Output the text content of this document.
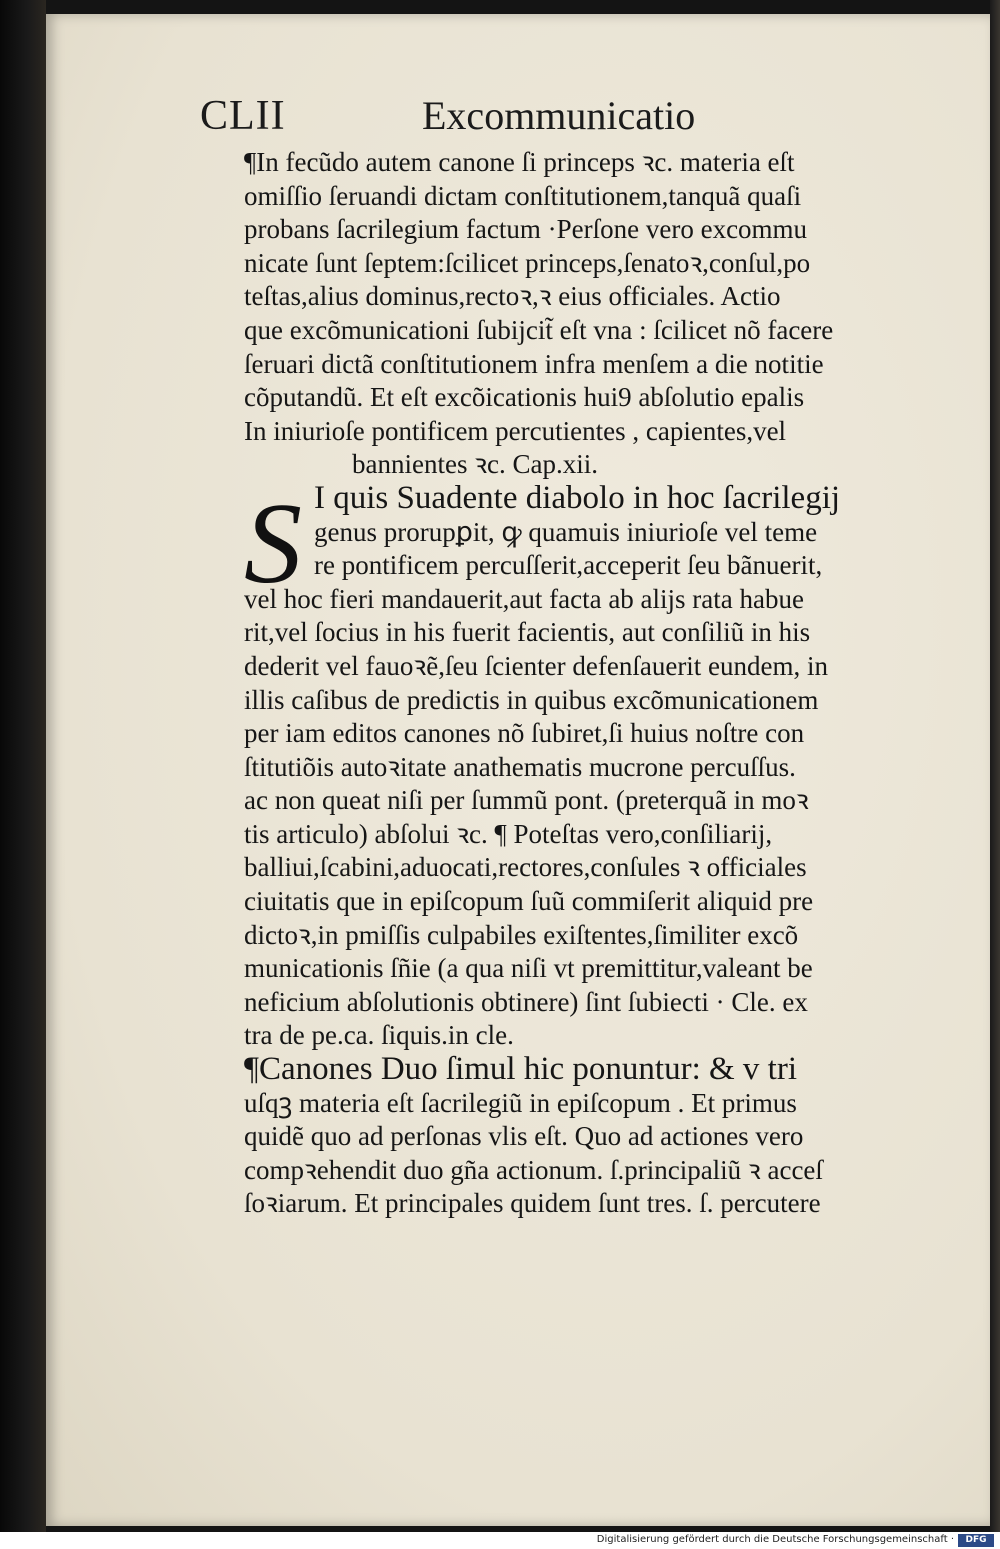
CLII	Excommunicatio
S
¶In fecũdo autem canone ſi princeps ꝛc. materia eſt
omiſſio ſeruandi dictam conſtitutionem,tanquã quaſi
probans ſacrilegium factum ·Perſone vero excommu
nicate ſunt ſeptem:ſcilicet princeps,ſenatoꝛ,conſul,po
teſtas,alius dominus,rectoꝛ,ꝛ eius officiales. Actio
que excõmunicationi ſubijcit̃ eſt vna : ſcilicet nõ facere
ſeruari dictã conſtitutionem infra menſem a die notitie
cõputandũ. Et eſt excõicationis hui9 abſolutio epalis
In iniurioſe pontificem percutientes , capientes,vel
bannientes ꝛc. Cap.xii.
I quis Suadente diabolo in hoc ſacrilegij
genus prorupꝑit, ꝙ quamuis iniurioſe vel teme
re pontificem percuſſerit,acceperit ſeu bãnuerit,
vel hoc fieri mandauerit,aut facta ab alijs rata habue
rit,vel ſocius in his fuerit facientis, aut conſiliũ in his
dederit vel fauoꝛẽ,ſeu ſcienter defenſauerit eundem, in
illis caſibus de predictis in quibus excõmunicationem
per iam editos canones nõ ſubiret,ſi huius noſtre con
ſtitutiõis autoꝛitate anathematis mucrone percuſſus.
ac non queat niſi per ſummũ pont. (preterquã in moꝛ
tis articulo) abſolui ꝛc. ¶ Poteſtas vero,conſiliarij,
balliui,ſcabini,aduocati,rectores,conſules ꝛ officiales
ciuitatis que in epiſcopum ſuũ commiſerit aliquid pre
dictoꝛ,in pmiſſis culpabiles exiſtentes,ſimiliter excõ
municationis ſñie (a qua niſi vt premittitur,valeant be
neficium abſolutionis obtinere) ſint ſubiecti · Cle. ex
tra de pe.ca. ſiquis.in cle.
¶Canones Duo ſimul hic ponuntur: & v tri
uſqꝫ materia eſt ſacrilegiũ in epiſcopum . Et primus
quidẽ quo ad perſonas vlis eſt. Quo ad actiones vero
compꝛehendit duo gña actionum. ſ.principaliũ ꝛ acceſ
ſoꝛiarum. Et principales quidem ſunt tres. ſ. percutere
Digitalisierung gefördert durch die Deutsche Forschungsgemeinschaft ·	DFG
